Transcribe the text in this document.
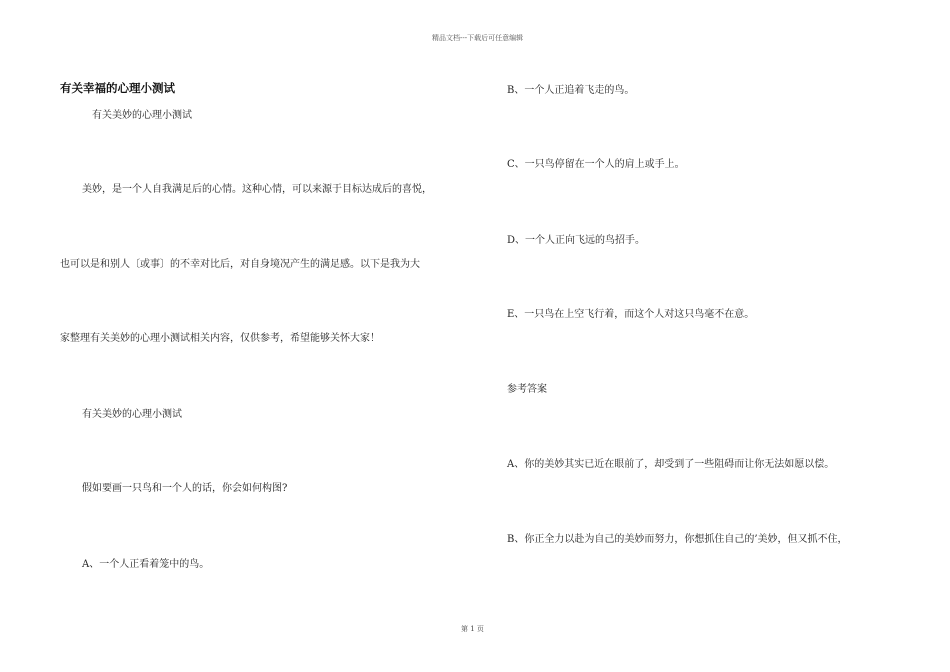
精品文档---下载后可任意编辑
有关幸福的心理小测试
有关美妙的心理小测试
美妙，是一个人自我满足后的心情。这种心情，可以来源于目标达成后的喜悦，
也可以是和别人〔或事〕的不幸对比后，对自身境况产生的满足感。以下是我为大
家整理有关美妙的心理小测试相关内容，仅供参考，希望能够关怀大家！
有关美妙的心理小测试
假如要画一只鸟和一个人的话，你会如何构图?
A、一个人正看着笼中的鸟。
B、一个人正追着飞走的鸟。
C、一只鸟停留在一个人的肩上或手上。
D、一个人正向飞远的鸟招手。
E、一只鸟在上空飞行着，而这个人对这只鸟毫不在意。
参考答案
A、你的美妙其实已近在眼前了，却受到了一些阻碍而让你无法如愿以偿。
B、你正全力以赴为自己的美妙而努力，你想抓住自己的’美妙，但又抓不住，
第 1 页
